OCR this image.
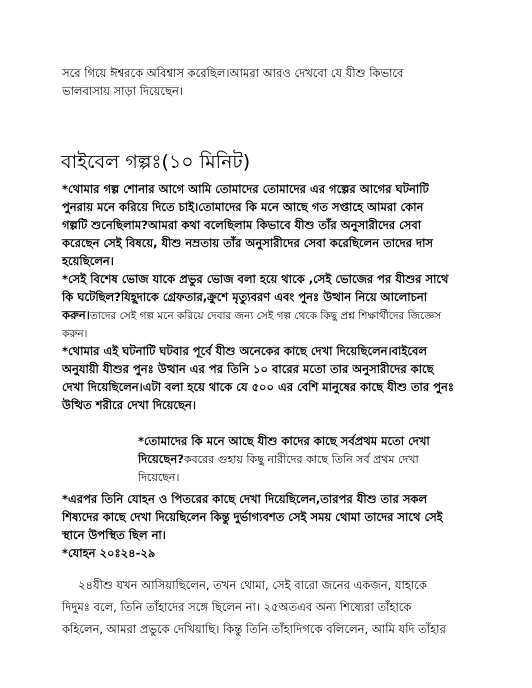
সরে গিয়ে ঈশ্বরকে অবিশ্বাস করেছিল।আমরা আরও দেখবো যে যীশু কিভাবে
ভালবাসায় সাড়া দিয়েছেন।

বাইবেল গল্পঃ(১০ মিনিট)

*থোমার গল্প শোনার আগে আমি তোমাদের তোমাদের এর গল্পের আগের ঘটনাটি
পুনরায় মনে করিয়ে দিতে চাই।তোমাদের কি মনে আছে গত সপ্তাহে আমরা কোন
গল্পটি শুনেছিলাম?আমরা কথা বলেছিলাম কিভাবে যীশু তাঁর অনুসারীদের সেবা
করেছেন সেই বিষয়ে, যীশু নম্রতায় তাঁর অনুসারীদের সেবা করেছিলেন তাদের দাস
হয়েছিলেন।

*সেই বিশেষ ভোজ যাকে প্রভুর ভোজ বলা হয়ে থাকে ,সেই ভোজের পর যীশুর সাথে
কি ঘটেছিল?যিহূদাকে গ্রেফতার,ক্রুশে মৃত্যুবরণ এবং পুনঃ উত্থান নিয়ে আলোচনা
করুন।তাদের সেই গল্প মনে করিয়ে দেবার জন্য সেই গল্প থেকে কিছু প্রশ্ন শিক্ষার্থীদের জিজ্ঞেস
করুন।

*থোমার এই ঘটনাটি ঘটবার পূর্বে যীশু অনেকের কাছে দেখা দিয়েছিলেন।বাইবেল
অনুযায়ী যীশুর পুনঃ উত্থান এর পর তিনি ১০ বারের মতো তার অনুসারীদের কাছে
দেখা দিয়েছিলেন।এটা বলা হয়ে থাকে যে ৫০০ এর বেশি মানুষের কাছে যীশু তার পুনঃ
উত্থিত শরীরে দেখা দিয়েছেন।

*তোমাদের কি মনে আছে যীশু কাদের কাছে সর্বপ্রথম মতো দেখা
দিয়েছেন?কবরের গুহায় কিছু নারীদের কাছে তিনি সর্ব প্রথম দেখা
দিয়েছেন।

*এরপর তিনি যোহন ও পিতরের কাছে দেখা দিয়েছিলেন,তারপর যীশু তার সকল
শিষ্যদের কাছে দেখা দিয়েছিলেন কিন্তু দুর্ভাগ্যবশত সেই সময় থোমা তাদের সাথে সেই
স্থানে উপস্থিত ছিল না।

*যোহন ২০ঃ২৪-২৯

২৪যীশু যখন আসিয়াছিলেন, তখন থোমা, সেই বারো জনের একজন, যাহাকে
দিদুমঃ বলে, তিনি তাঁহাদের সঙ্গে ছিলেন না। ২৫অতএব অন্য শিষ্যেরা তাঁহাকে
কহিলেন, আমরা প্রভুকে দেখিয়াছি। কিন্তু তিনি তাঁহাদিগকে বলিলেন, আমি যদি তাঁহার
